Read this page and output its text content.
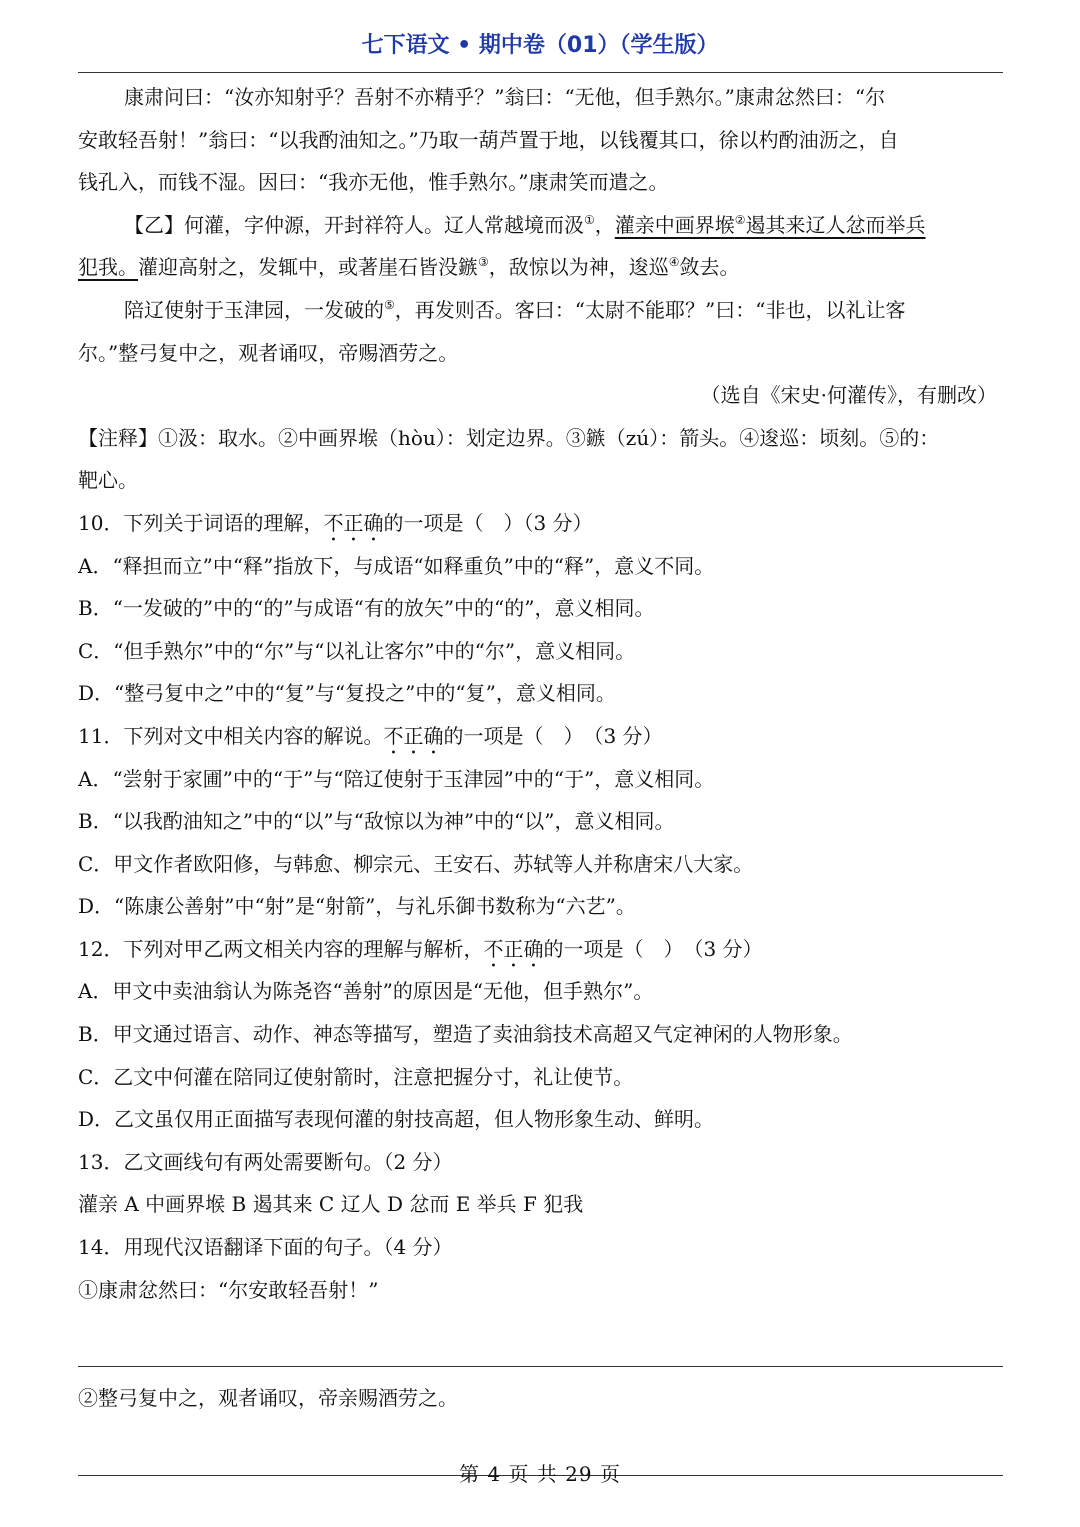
七下语文 • 期中卷（01）（学生版）
康肃问曰：“汝亦知射乎？吾射不亦精乎？”翁曰：“无他，但手熟尔。”康肃忿然曰：“尔
安敢轻吾射！”翁曰：“以我酌油知之。”乃取一葫芦置于地，以钱覆其口，徐以杓酌油沥之，自
钱孔入，而钱不湿。因曰：“我亦无他，惟手熟尔。”康肃笑而遣之。
【乙】何灌，字仲源，开封祥符人。辽人常越境而汲①，灌亲中画界堠②遏其来辽人忿而举兵
犯我。灌迎高射之，发辄中，或著崖石皆没鏃③，敌惊以为神，逡巡④敛去。
陪辽使射于玉津园，一发破的⑤，再发则否。客曰：“太尉不能耶？”曰：“非也，以礼让客
尔。”整弓复中之，观者诵叹，帝赐酒劳之。
（选自《宋史·何灌传》，有删改）
【注释】①汲：取水。②中画界堠（hòu）：划定边界。③鏃（zú）：箭头。④逡巡：顷刻。⑤的：
靶心。
10．下列关于词语的理解，不正确的一项是（　）（3 分）
A．“释担而立”中“释”指放下，与成语“如释重负”中的“释”，意义不同。
B．“一发破的”中的“的”与成语“有的放矢”中的“的”，意义相同。
C．“但手熟尔”中的“尔”与“以礼让客尔”中的“尔”，意义相同。
D．“整弓复中之”中的“复”与“复投之”中的“复”，意义相同。
11．下列对文中相关内容的解说。不正确的一项是（　）　（3 分）
A．“尝射于家圃”中的“于”与“陪辽使射于玉津园”中的“于”，意义相同。
B．“以我酌油知之”中的“以”与“敌惊以为神”中的“以”，意义相同。
C．甲文作者欧阳修，与韩愈、柳宗元、王安石、苏轼等人并称唐宋八大家。
D．“陈康公善射”中“射”是“射箭”，与礼乐御书数称为“六艺”。
12．下列对甲乙两文相关内容的理解与解析，不正确的一项是（　）　（3 分）
A．甲文中卖油翁认为陈尧咨“善射”的原因是“无他，但手熟尔”。
B．甲文通过语言、动作、神态等描写，塑造了卖油翁技术高超又气定神闲的人物形象。
C．乙文中何灌在陪同辽使射箭时，注意把握分寸，礼让使节。
D．乙文虽仅用正面描写表现何灌的射技高超，但人物形象生动、鲜明。
13．乙文画线句有两处需要断句。（2 分）
灌亲 A 中画界堠 B 遏其来 C 辽人 D 忿而 E 举兵 F 犯我
14．用现代汉语翻译下面的句子。（4 分）
①康肃忿然曰：“尔安敢轻吾射！”
②整弓复中之，观者诵叹，帝亲赐酒劳之。
第 4 页 共 29 页
